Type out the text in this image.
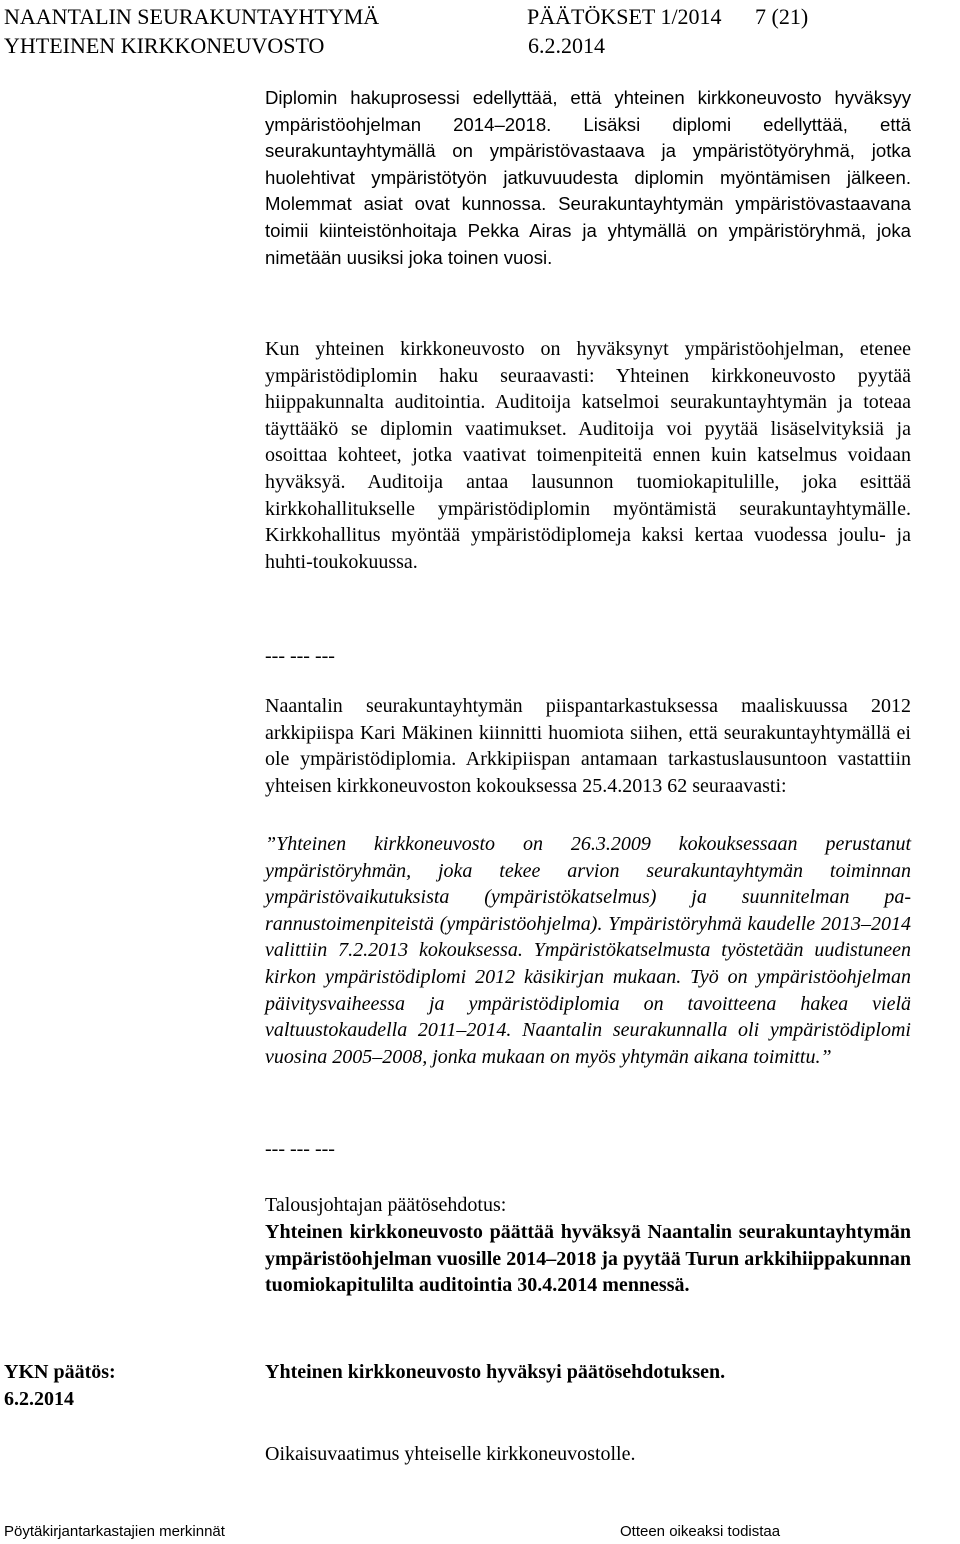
NAANTALIN SEURAKUNTAYHTYMÄ	PÄÄTÖKSET 1/2014 7 (21)
YHTEINEN KIRKKONEUVOSTO	6.2.2014

Diplomin hakuprosessi edellyttää, että yhteinen kirkkoneuvosto hyväksyy ympäristöohjelman 2014–2018. Lisäksi diplomi edellyttää, että seurakuntayhtymällä on ympäristövastaava ja ympäristötyöryhmä, jotka huolehtivat ympäristötyön jatkuvuudesta diplomin myöntämisen jälkeen. Molemmat asiat ovat kunnossa. Seurakuntayhtymän ympäristövastaavana toimii kiinteistönhoitaja Pekka Airas ja yhtymällä on ympäristöryhmä, joka nimetään uusiksi joka toinen vuosi.

Kun yhteinen kirkkoneuvosto on hyväksynyt ympäristöohjelman, etenee ympäristödiplomin haku seuraavasti: Yhteinen kirkkoneuvosto pyytää hiippakunnalta auditointia. Auditoija katselmoi seurakuntayhtymän ja toteaa täyttääkö se diplomin vaatimukset. Auditoija voi pyytää lisäselvityksiä ja osoittaa kohteet, jotka vaativat toimenpiteitä ennen kuin katselmus voidaan hyväksyä. Auditoija antaa lausunnon tuomiokapitulille, joka esittää kirkkohallitukselle ympäristödiplomin myöntämistä seurakuntayhtymälle. Kirkkohallitus myöntää ympäristödiplomeja kaksi kertaa vuodessa joulu- ja huhti-toukokuussa.

--- --- ---

Naantalin seurakuntayhtymän piispantarkastuksessa maaliskuussa 2012 arkkipiispa Kari Mäkinen kiinnitti huomiota siihen, että seurakuntayhtymällä ei ole ympäristödiplomia. Arkkipiispan antamaan tarkastuslausuntoon vastattiin yhteisen kirkkoneuvoston kokouksessa 25.4.2013 62 seuraavasti:

”Yhteinen kirkkoneuvosto on 26.3.2009 kokouksessaan perustanut ympäristöryhmän, joka tekee arvion seurakuntayhtymän toiminnan ympäristövaikutuksista (ympäristökatselmus) ja suunnitelman parannustoimenpiteistä (ympäristöohjelma). Ympäristöryhmä kaudelle 2013–2014 valittiin 7.2.2013 kokouksessa. Ympäristökatselmusta työstetään uudistuneen kirkon ympäristödiplomi 2012 käsikirjan mukaan. Työ on ympäristöohjelman päivitysvaiheessa ja ympäristödiplomia on tavoitteena hakea vielä valtuustokaudella 2011–2014. Naantalin seurakunnalla oli ympäristödiplomi vuosina 2005–2008, jonka mukaan on myös yhtymän aikana toimittu.”

--- --- ---

Talousjohtajan päätösehdotus:

Yhteinen kirkkoneuvosto päättää hyväksyä Naantalin seurakuntayhtymän ympäristöohjelman vuosille 2014–2018 ja pyytää Turun arkkihiippakunnan tuomiokapitulilta auditointia 30.4.2014 mennessä.

YKN päätös:
6.2.2014

Yhteinen kirkkoneuvosto hyväksyi päätösehdotuksen.

Oikaisuvaatimus yhteiselle kirkkoneuvostolle.

Pöytäkirjantarkastajien merkinnät	Otteen oikeaksi todistaa
